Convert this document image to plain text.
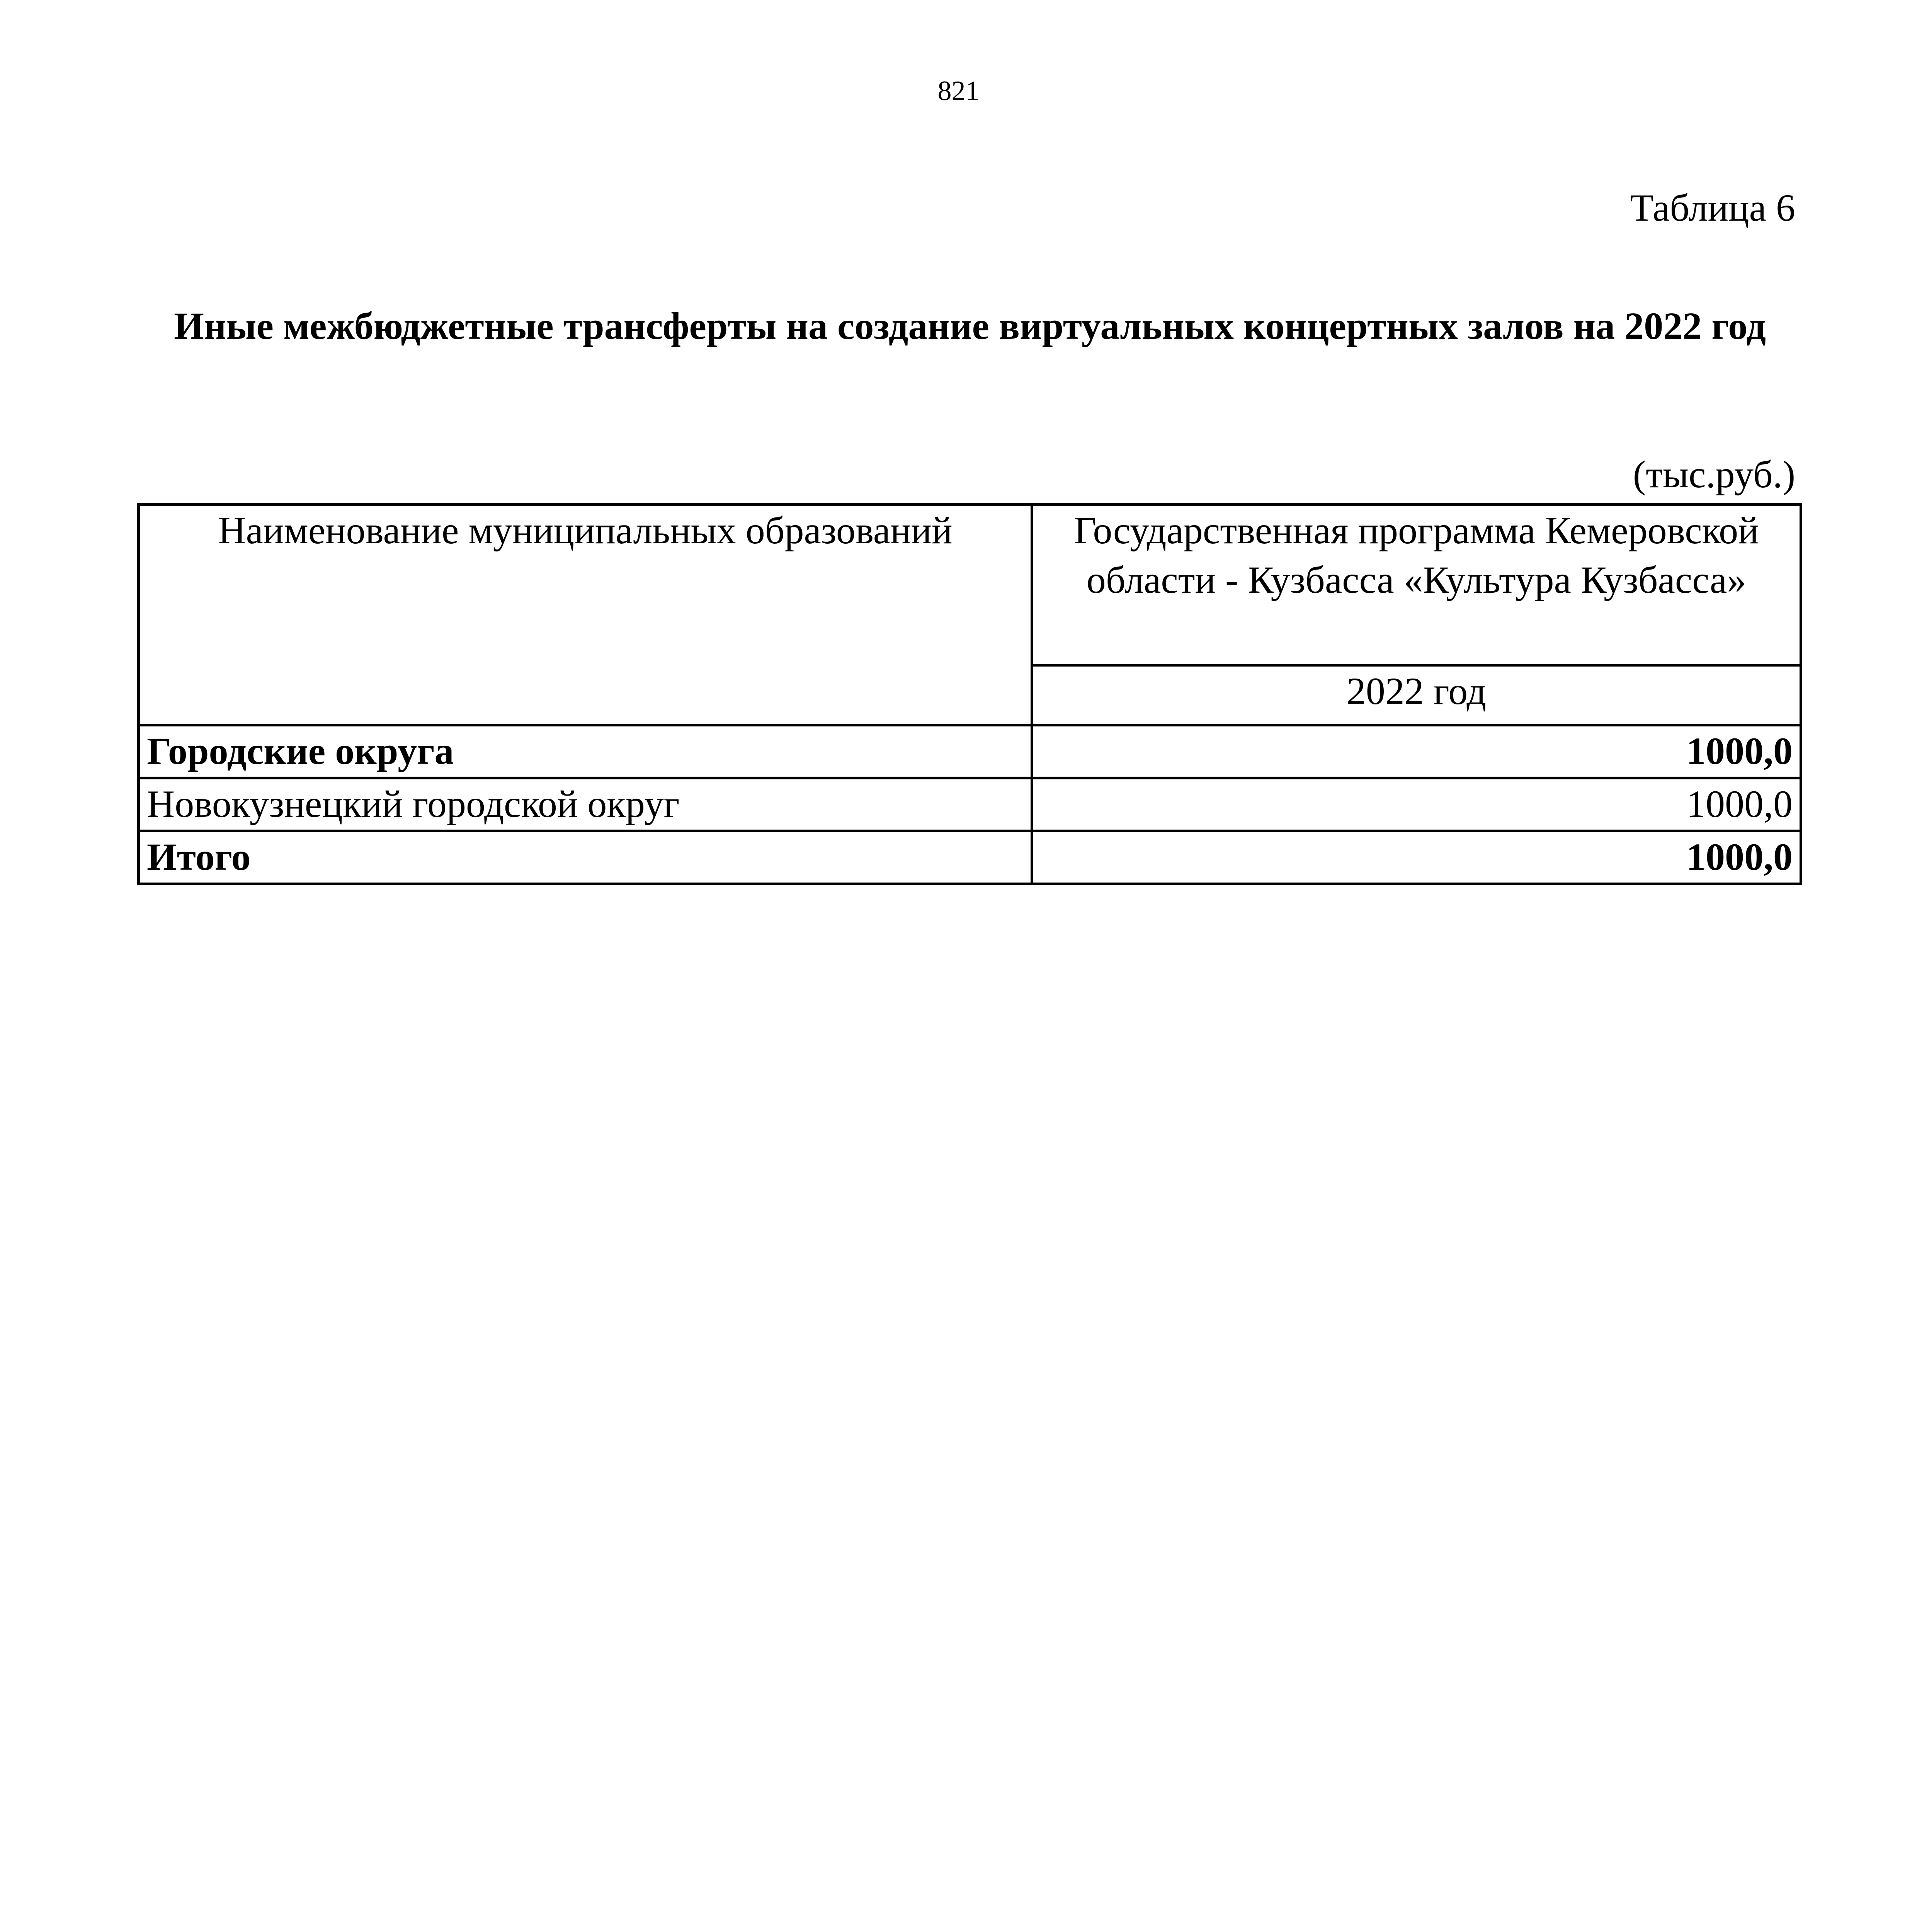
821
Таблица 6
Иные межбюджетные трансферты на создание виртуальных концертных залов на 2022 год
(тыс.руб.)
Наименование муниципальных образований	Государственная программа Кемеровской области - Кузбасса «Культура Кузбасса»
	2022 год
Городские округа	1000,0
Новокузнецкий городской округ	1000,0
Итого	1000,0
